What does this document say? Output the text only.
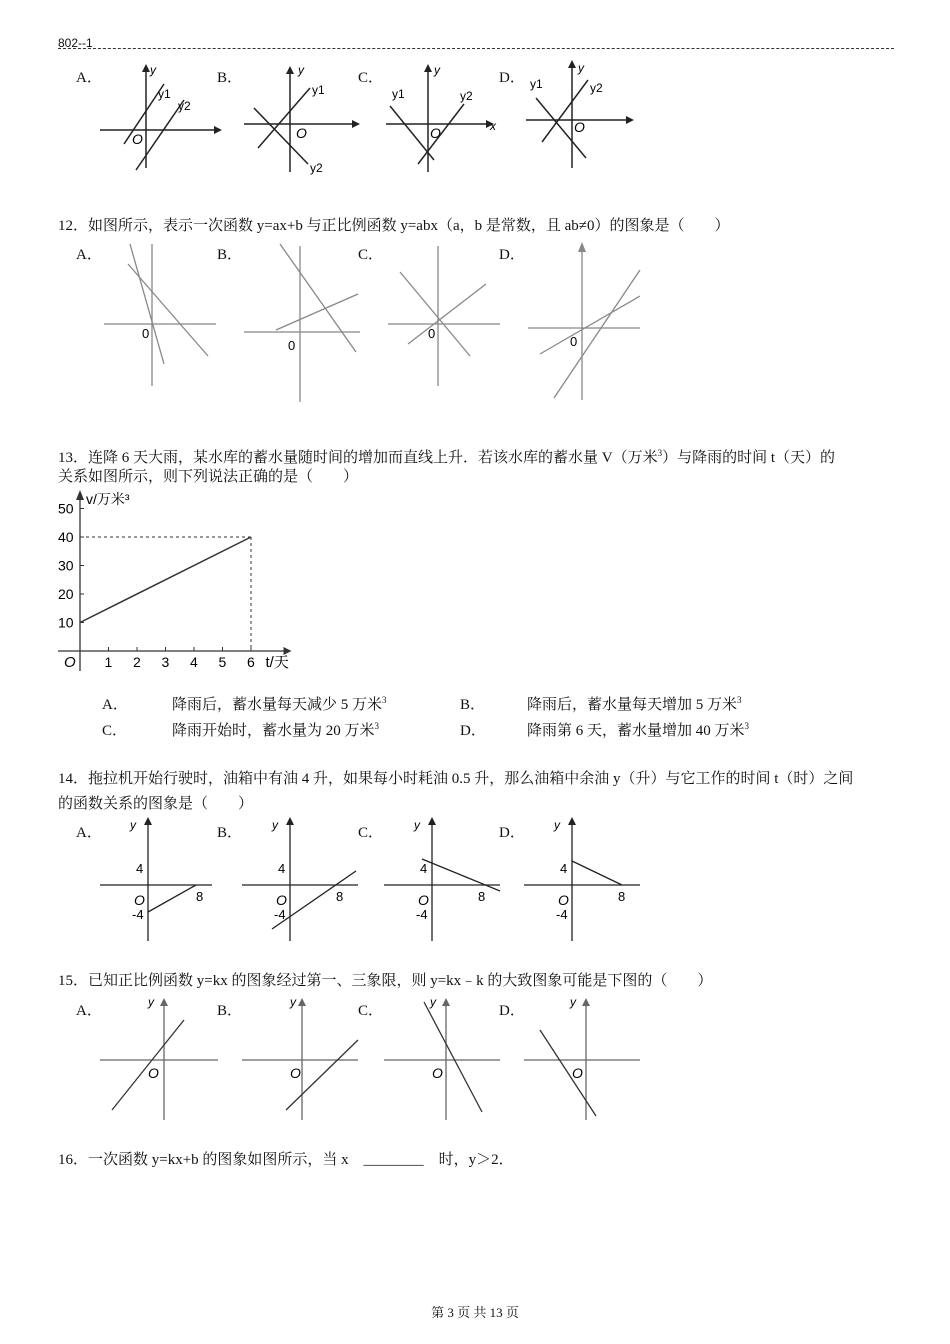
802--1
A．	B．	C．	D．
y
O
y1
y2
y
O
y1
y2
x
y
O
y1	y2
y
O
y1	y2
12．如图所示，表示一次函数 y=ax+b 与正比例函数 y=abx（a，b 是常数，且 ab≠0）的图象是（　　）
A．	B．	C．	D．
0
0
0
0
13．连降 6 天大雨，某水库的蓄水量随时间的增加而直线上升．若该水库的蓄水量 V（万米$^3$）与降雨的时间 t（天）的
关系如图所示，则下列说法正确的是（　　）
v/万米³
t/天
O 1 2 3 4 5 6
10
20
30
40
50
A．	降雨后，蓄水量每天减少 5 万米$^3$	B．	降雨后，蓄水量每天增加 5 万米$^3$
C．	降雨开始时，蓄水量为 20 万米$^3$	D．	降雨第 6 天，蓄水量增加 40 万米$^3$
14．拖拉机开始行驶时，油箱中有油 4 升，如果每小时耗油 0.5 升，那么油箱中余油 y（升）与它工作的时间 t（时）之间
的函数关系的图象是（　　）
A．	B．	C．	D．
y
4
O
-4
8
y
4
O
-4
8
y
4
O
-4
8
y
4
O
-4
8
15．已知正比例函数 y=kx 的图象经过第一、三象限，则 y=kx﹣k 的大致图象可能是下图的（　　）
A．	B．	C．	D．
y
O
y
O
y
O
y
O
16．一次函数 y=kx+b 的图象如图所示，当 x　________　时，y＞2．
第 3 页 共 13 页
